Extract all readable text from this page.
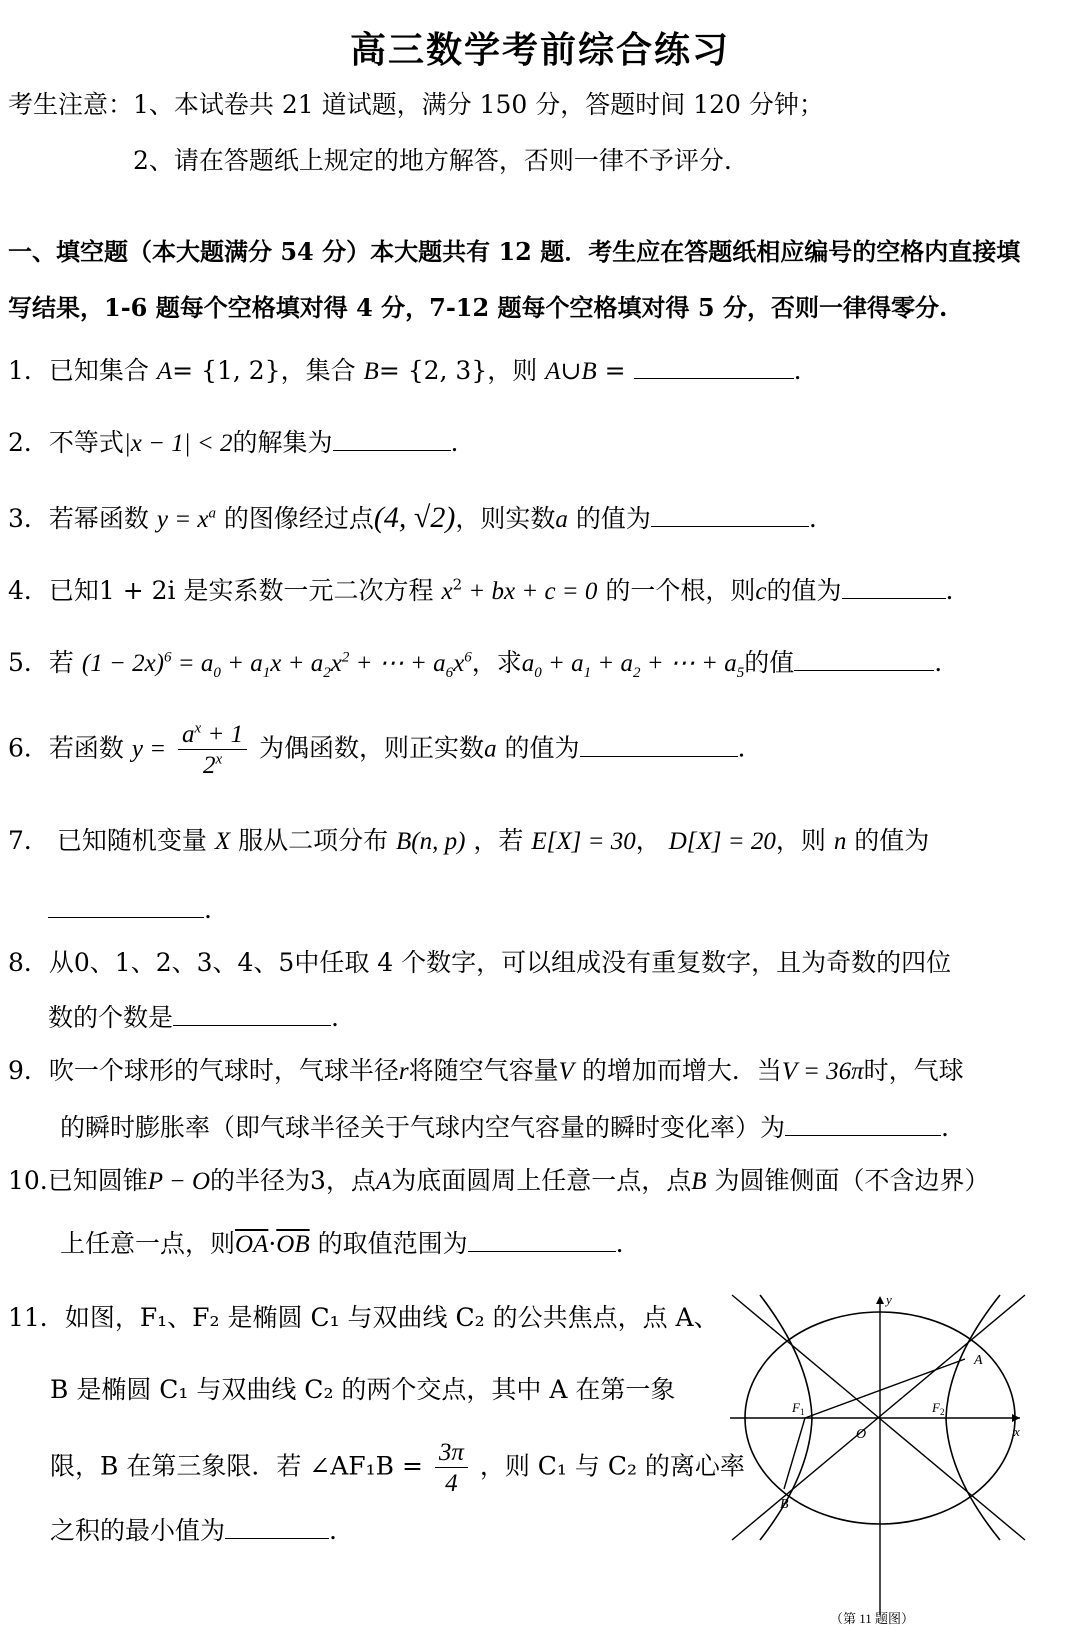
高三数学考前综合练习
考生注意：1、本试卷共 21 道试题，满分 150 分，答题时间 120 分钟；
2、请在答题纸上规定的地方解答，否则一律不予评分.
一、填空题（本大题满分 54 分）本大题共有 12 题．考生应在答题纸相应编号的空格内直接填
写结果，1-6 题每个空格填对得 4 分，7-12 题每个空格填对得 5 分，否则一律得零分.
1．已知集合 A= {1, 2}，集合 B= {2, 3}，则 A∪B =	.
2．不等式|x − 1| < 2的解集为	.
3．若幂函数 $y = x^a$ 的图像经过点(4, √2)，则实数a 的值为	.
4．已知1 + 2i 是实系数一元二次方程 $x^2$ + bx + c = 0 的一个根，则c的值为	.
5．若 $(1 - 2x)^6 = a_0 + a_1x + a_2x^2$ + ⋯ + $a_6x^6$，求$a_0 + a_1 + a_2$ + ⋯ + $a_5$的值	.
6．若函数 $y = \frac{a^x + 1}{2^x}$ 为偶函数，则正实数a 的值为	.
7． 已知随机变量 X 服从二项分布 B(n, p) ，若 E[X] = 30， D[X] = 20，则 n 的值为
.
8．从0、1、2、3、4、5中任取 4 个数字，可以组成没有重复数字，且为奇数的四位
数的个数是	.
9．吹一个球形的气球时，气球半径r将随空气容量V 的增加而增大．当V = 36π时，气球
的瞬时膨胀率（即气球半径关于气球内空气容量的瞬时变化率）为	.
10.已知圆锥P − O的半径为3，点A为底面圆周上任意一点，点B 为圆锥侧面（不含边界）
上任意一点，则$\overline{OA}\cdot\overline{OB}$ 的取值范围为	.
11．如图，F₁、F₂ 是椭圆 C₁ 与双曲线 C₂ 的公共焦点，点 A、
B 是椭圆 C₁ 与双曲线 C₂ 的两个交点，其中 A 在第一象
限，B 在第三象限．若 ∠AF₁B = $\frac{3\pi}{4}$ ，则 C₁ 与 C₂ 的离心率
之积的最小值为	.
y
x
A
B
$F_1$	$F_2$
O
（第 11 题图）
